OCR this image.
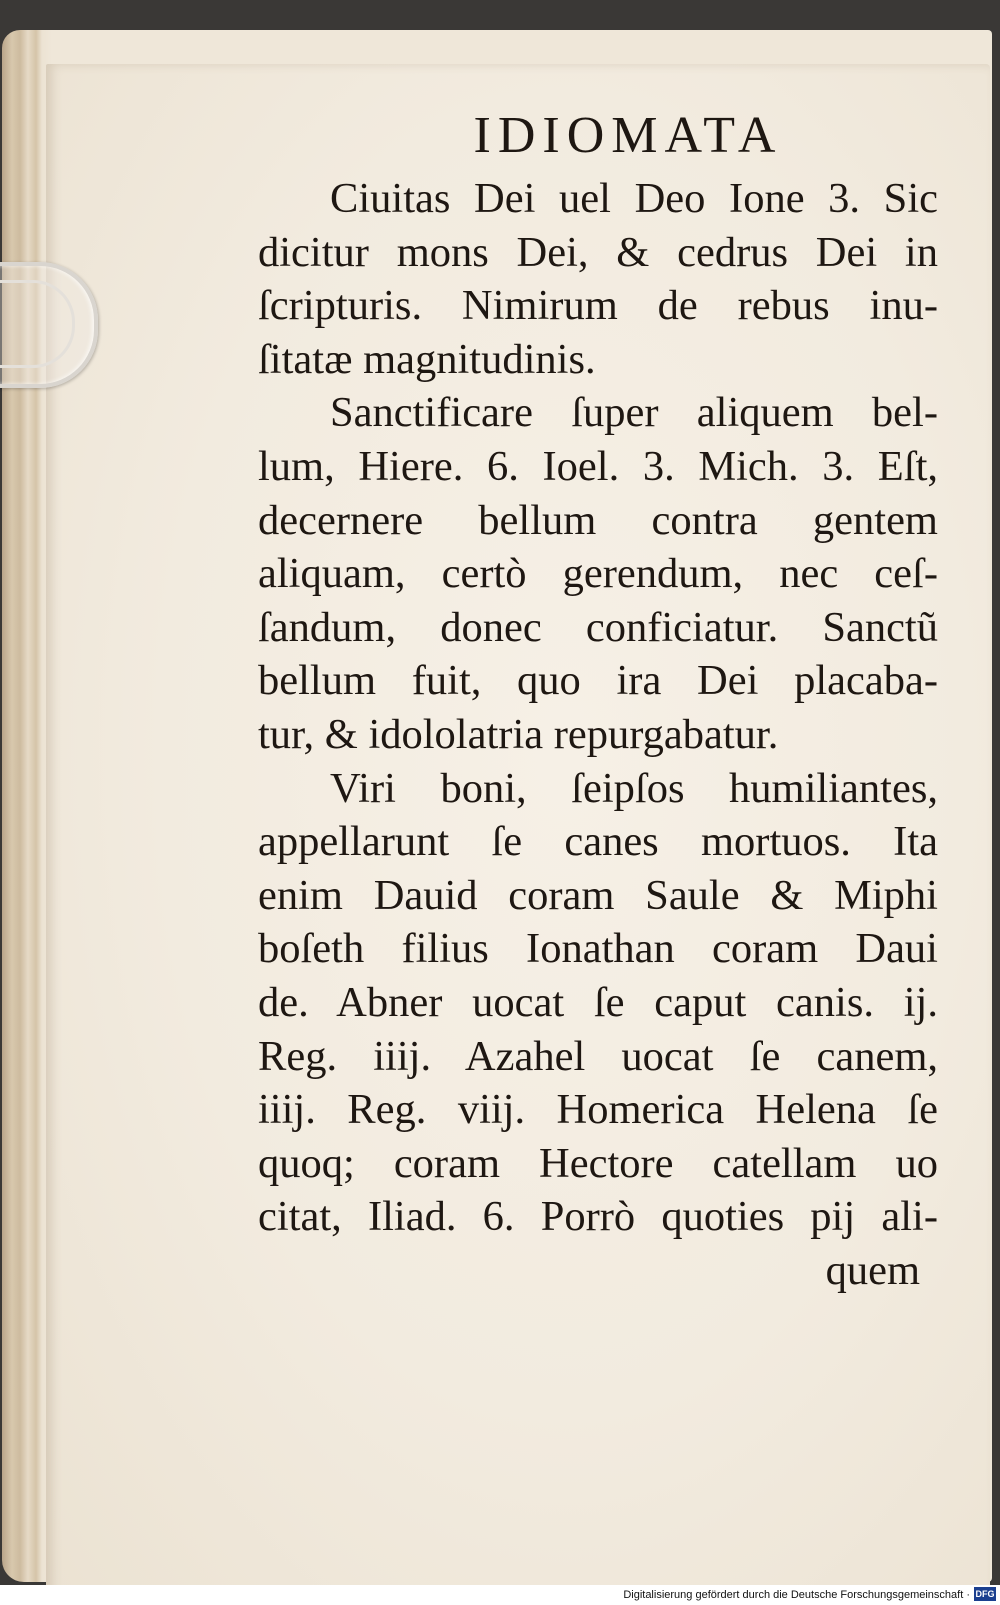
IDIOMATA

Ciuitas Dei uel Deo Ione 3. Sic
dicitur mons Dei, & cedrus Dei in
ſcripturis. Nimirum de rebus inu-
ſitatæ magnitudinis.

Sanctificare ſuper aliquem bel-
lum, Hiere. 6. Ioel. 3. Mich. 3. Eſt,
decernere bellum contra gentem
aliquam, certò gerendum, nec ceſ-
ſandum, donec conficiatur. Sanctũ
bellum fuit, quo ira Dei placaba-
tur, & idololatria repurgabatur.

Viri boni, ſeipſos humiliantes,
appellarunt ſe canes mortuos. Ita
enim Dauid coram Saule & Miphi
boſeth filius Ionathan coram Daui
de. Abner uocat ſe caput canis. ij.
Reg. iiij. Azahel uocat ſe canem,
iiij. Reg. viij. Homerica Helena ſe
quoq; coram Hectore catellam uo
citat, Iliad. 6. Porrò quoties pij ali-

quem
Digitalisierung gefördert durch die Deutsche Forschungsgemeinschaft · DFG
